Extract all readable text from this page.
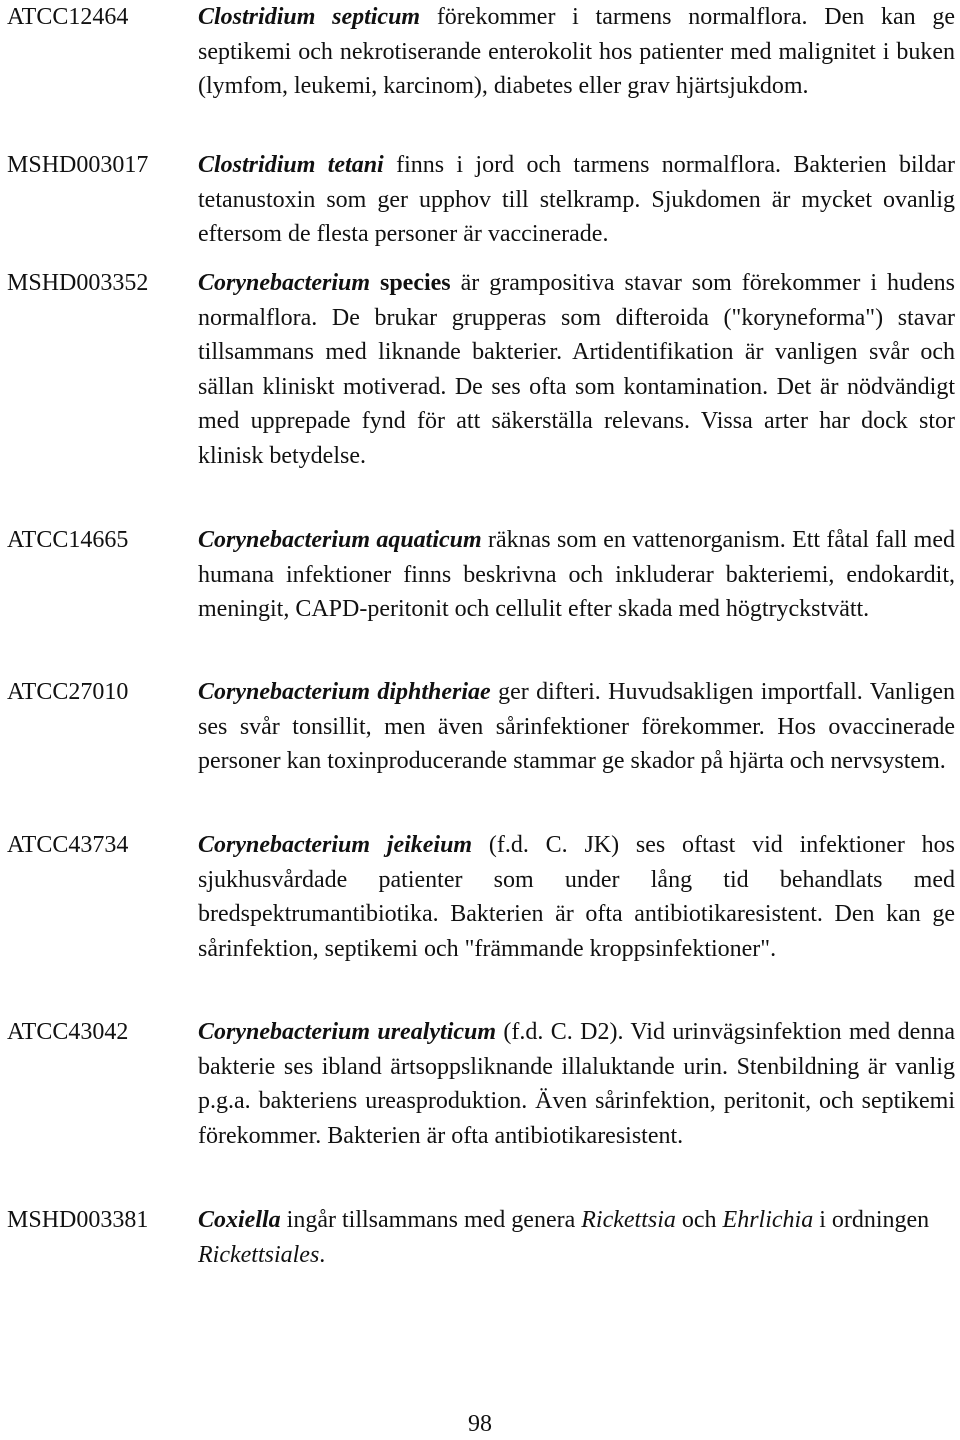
ATCC12464	Clostridium septicum förekommer i tarmens normalflora. Den kan ge septikemi och nekrotiserande enterokolit hos patienter med malignitet i buken (lymfom, leukemi, karcinom), diabetes eller grav hjärtsjukdom.
MSHD003017 Clostridium tetani finns i jord och tarmens normalflora. Bakterien bildar tetanustoxin som ger upphov till stelkramp. Sjukdomen är mycket ovanlig eftersom de flesta personer är vaccinerade.
MSHD003352 Corynebacterium species är grampositiva stavar som förekommer i hudens normalflora. De brukar grupperas som difteroida ("koryneforma") stavar tillsammans med liknande bakterier. Artidentifikation är vanligen svår och sällan kliniskt motiverad. De ses ofta som kontamination. Det är nödvändigt med upprepade fynd för att säkerställa relevans. Vissa arter har dock stor klinisk betydelse.
ATCC14665	Corynebacterium aquaticum räknas som en vattenorganism. Ett fåtal fall med humana infektioner finns beskrivna och inkluderar bakteriemi, endokardit, meningit, CAPD-peritonit och cellulit efter skada med högtryckstvätt.
ATCC27010	Corynebacterium diphtheriae ger difteri. Huvudsakligen importfall. Vanligen ses svår tonsillit, men även sårinfektioner förekommer. Hos ovaccinerade personer kan toxinproducerande stammar ge skador på hjärta och nervsystem.
ATCC43734	Corynebacterium jeikeium (f.d. C. JK) ses oftast vid infektioner hos sjukhusvårdade patienter som under lång tid behandlats med bredspektrumantibiotika. Bakterien är ofta antibiotikaresistent. Den kan ge sårinfektion, septikemi och "främmande kroppsinfektioner".
ATCC43042	Corynebacterium urealyticum (f.d. C. D2). Vid urinvägsinfektion med denna bakterie ses ibland ärtsoppsliknande illaluktande urin. Stenbildning är vanlig p.g.a. bakteriens ureasproduktion. Även sårinfektion, peritonit, och septikemi förekommer. Bakterien är ofta antibiotikaresistent.
MSHD003381 Coxiella ingår tillsammans med genera Rickettsia och Ehrlichia i ordningen Rickettsiales.
98
